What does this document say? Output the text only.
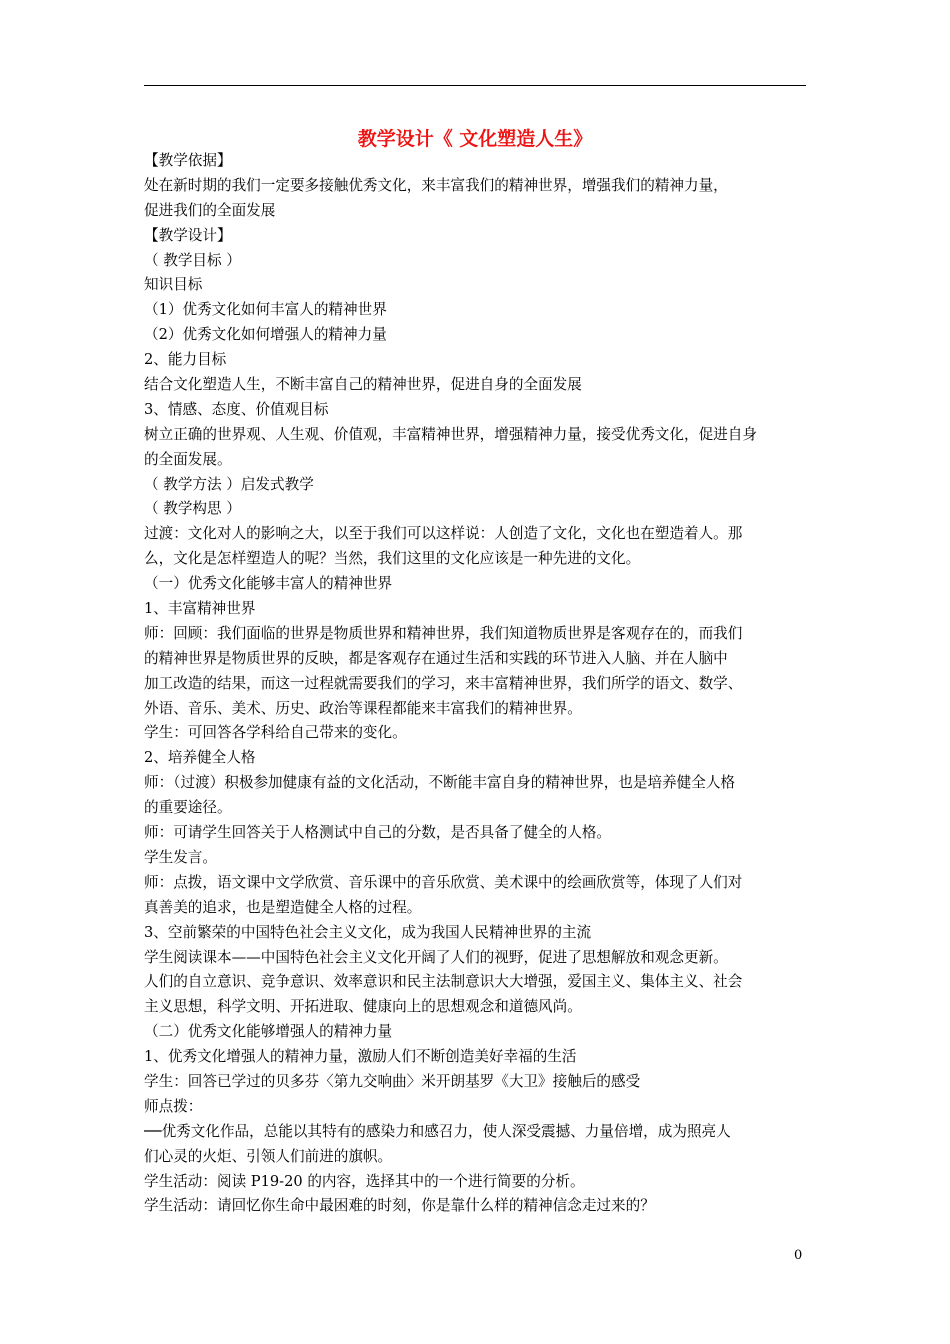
教学设计《 文化塑造人生》
【教学依据】
处在新时期的我们一定要多接触优秀文化，来丰富我们的精神世界，增强我们的精神力量，
促进我们的全面发展
【教学设计】
（ 教学目标 ）
知识目标
（1）优秀文化如何丰富人的精神世界
（2）优秀文化如何增强人的精神力量
2、能力目标
结合文化塑造人生，不断丰富自己的精神世界，促进自身的全面发展
3、情感、态度、价值观目标
树立正确的世界观、人生观、价值观，丰富精神世界，增强精神力量，接受优秀文化，促进自身
的全面发展。
（ 教学方法 ）启发式教学
（ 教学构思 ）
过渡：文化对人的影响之大，以至于我们可以这样说：人创造了文化，文化也在塑造着人。那
么，文化是怎样塑造人的呢？当然，我们这里的文化应该是一种先进的文化。
（一）优秀文化能够丰富人的精神世界
1、丰富精神世界
师：回顾：我们面临的世界是物质世界和精神世界，我们知道物质世界是客观存在的，而我们
的精神世界是物质世界的反映，都是客观存在通过生活和实践的环节进入人脑、并在人脑中
加工改造的结果，而这一过程就需要我们的学习，来丰富精神世界，我们所学的语文、数学、
外语、音乐、美术、历史、政治等课程都能来丰富我们的精神世界。
学生：可回答各学科给自己带来的变化。
2、培养健全人格
师：（过渡）积极参加健康有益的文化活动，不断能丰富自身的精神世界，也是培养健全人格
的重要途径。
师：可请学生回答关于人格测试中自己的分数，是否具备了健全的人格。
学生发言。
师：点拨，语文课中文学欣赏、音乐课中的音乐欣赏、美术课中的绘画欣赏等，体现了人们对
真善美的追求，也是塑造健全人格的过程。
3、空前繁荣的中国特色社会主义文化，成为我国人民精神世界的主流
学生阅读课本——中国特色社会主义文化开阔了人们的视野，促进了思想解放和观念更新。
人们的自立意识、竞争意识、效率意识和民主法制意识大大增强，爱国主义、集体主义、社会
主义思想，科学文明、开拓进取、健康向上的思想观念和道德风尚。
（二）优秀文化能够增强人的精神力量
1、优秀文化增强人的精神力量，激励人们不断创造美好幸福的生活
学生：回答已学过的贝多芬〈第九交响曲〉米开朗基罗《大卫》接触后的感受
师点拨：
──优秀文化作品，总能以其特有的感染力和感召力，使人深受震撼、力量倍增，成为照亮人
们心灵的火炬、引领人们前进的旗帜。
学生活动：阅读 P19-20 的内容，选择其中的一个进行简要的分析。
学生活动：请回忆你生命中最困难的时刻，你是靠什么样的精神信念走过来的？
0
